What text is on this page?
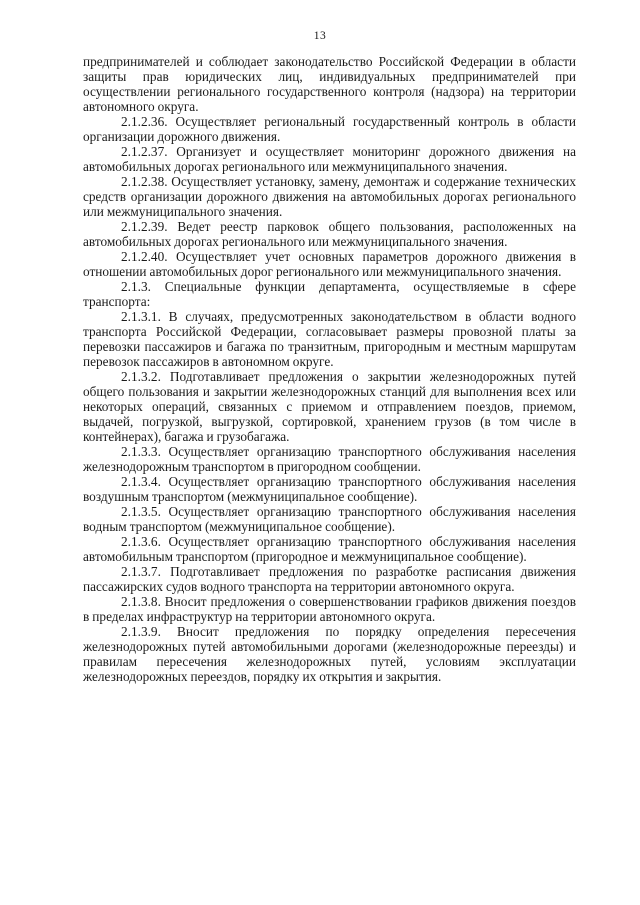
13

предпринимателей и соблюдает законодательство Российской Федерации в области защиты прав юридических лиц, индивидуальных предпринимателей при осуществлении регионального государственного контроля (надзора) на территории автономного округа.

2.1.2.36. Осуществляет региональный государственный контроль в области организации дорожного движения.

2.1.2.37. Организует и осуществляет мониторинг дорожного движения на автомобильных дорогах регионального или межмуниципального значения.

2.1.2.38. Осуществляет установку, замену, демонтаж и содержание технических средств организации дорожного движения на автомобильных дорогах регионального или межмуниципального значения.

2.1.2.39. Ведет реестр парковок общего пользования, расположенных на автомобильных дорогах регионального или межмуниципального значения.

2.1.2.40. Осуществляет учет основных параметров дорожного движения в отношении автомобильных дорог регионального или межмуниципального значения.

2.1.3. Специальные функции департамента, осуществляемые в сфере транспорта:

2.1.3.1. В случаях, предусмотренных законодательством в области водного транспорта Российской Федерации, согласовывает размеры провозной платы за перевозки пассажиров и багажа по транзитным, пригородным и местным маршрутам перевозок пассажиров в автономном округе.

2.1.3.2. Подготавливает предложения о закрытии железнодорожных путей общего пользования и закрытии железнодорожных станций для выполнения всех или некоторых операций, связанных с приемом и отправлением поездов, приемом, выдачей, погрузкой, выгрузкой, сортировкой, хранением грузов (в том числе в контейнерах), багажа и грузобагажа.

2.1.3.3. Осуществляет организацию транспортного обслуживания населения железнодорожным транспортом в пригородном сообщении.

2.1.3.4. Осуществляет организацию транспортного обслуживания населения воздушным транспортом (межмуниципальное сообщение).

2.1.3.5. Осуществляет организацию транспортного обслуживания населения водным транспортом (межмуниципальное сообщение).

2.1.3.6. Осуществляет организацию транспортного обслуживания населения автомобильным транспортом (пригородное и межмуниципальное сообщение).

2.1.3.7. Подготавливает предложения по разработке расписания движения пассажирских судов водного транспорта на территории автономного округа.

2.1.3.8. Вносит предложения о совершенствовании графиков движения поездов в пределах инфраструктур на территории автономного округа.

2.1.3.9. Вносит предложения по порядку определения пересечения железнодорожных путей автомобильными дорогами (железнодорожные переезды) и правилам пересечения железнодорожных путей, условиям эксплуатации железнодорожных переездов, порядку их открытия и закрытия.
